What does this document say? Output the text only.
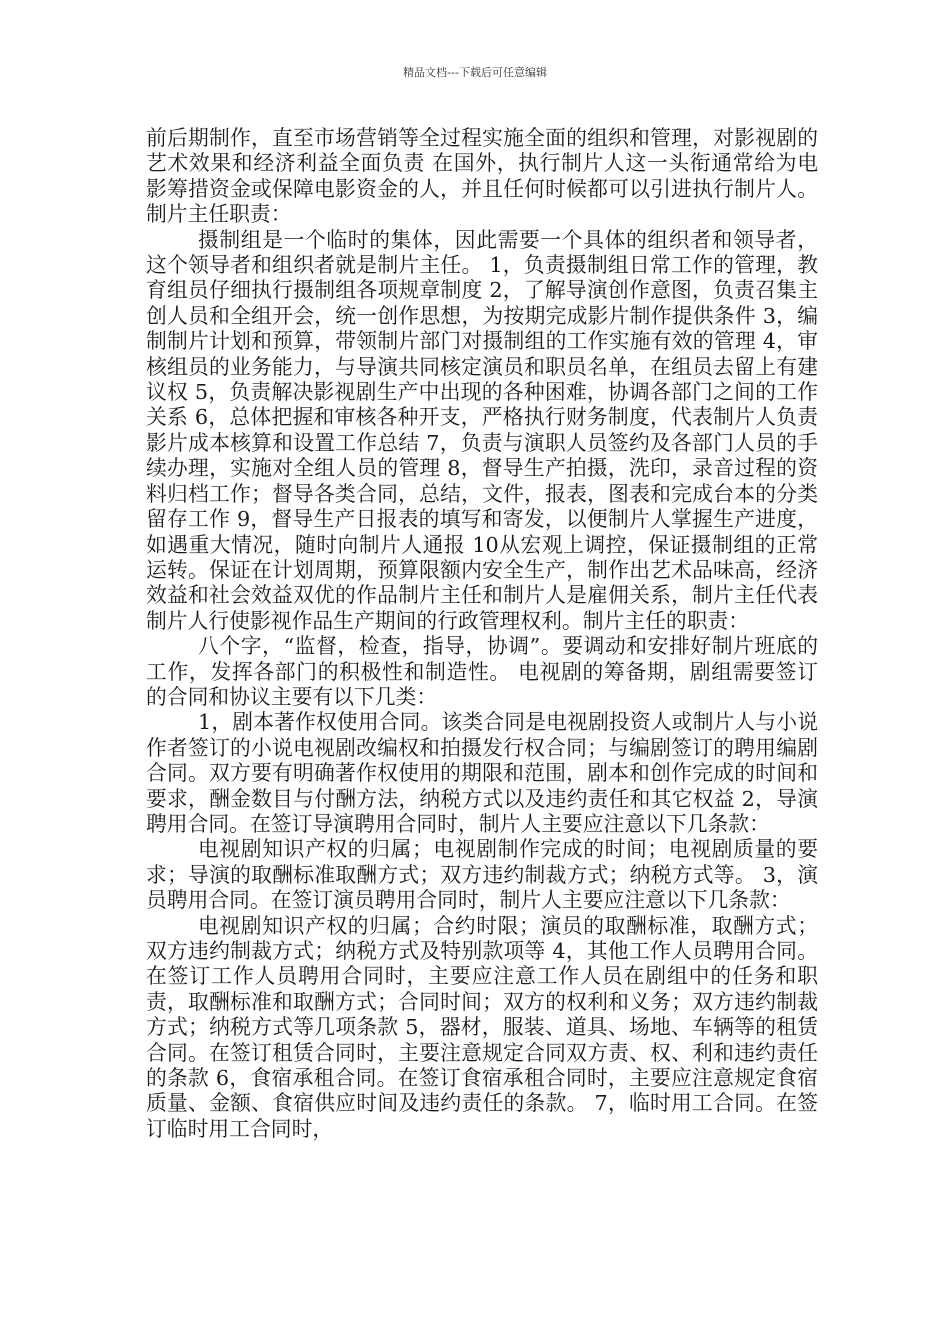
精品文档---下载后可任意编辑

前后期制作，直至市场营销等全过程实施全面的组织和管理，对影视剧的艺术效果和经济利益全面负责 在国外，执行制片人这一头衔通常给为电影筹措资金或保障电影资金的人，并且任何时候都可以引进执行制片人。 制片主任职责：

摄制组是一个临时的集体，因此需要一个具体的组织者和领导者，这个领导者和组织者就是制片主任。 1，负责摄制组日常工作的管理，教育组员仔细执行摄制组各项规章制度 2，了解导演创作意图，负责召集主创人员和全组开会，统一创作思想，为按期完成影片制作提供条件 3，编制制片计划和预算，带领制片部门对摄制组的工作实施有效的管理 4，审核组员的业务能力，与导演共同核定演员和职员名单，在组员去留上有建议权 5，负责解决影视剧生产中出现的各种困难，协调各部门之间的工作关系 6，总体把握和审核各种开支，严格执行财务制度，代表制片人负责影片成本核算和设置工作总结 7，负责与演职人员签约及各部门人员的手续办理，实施对全组人员的管理 8，督导生产拍摄，洗印，录音过程的资料归档工作；督导各类合同，总结，文件，报表，图表和完成台本的分类留存工作 9，督导生产日报表的填写和寄发，以便制片人掌握生产进度，如遇重大情况，随时向制片人通报 10从宏观上调控，保证摄制组的正常运转。保证在计划周期，预算限额内安全生产，制作出艺术品味高，经济效益和社会效益双优的作品制片主任和制片人是雇佣关系，制片主任代表制片人行使影视作品生产期间的行政管理权利。制片主任的职责：

八个字，“监督，检查，指导，协调”。要调动和安排好制片班底的工作，发挥各部门的积极性和制造性。 电视剧的筹备期，剧组需要签订的合同和协议主要有以下几类：

1，剧本著作权使用合同。该类合同是电视剧投资人或制片人与小说作者签订的小说电视剧改编权和拍摄发行权合同；与编剧签订的聘用编剧合同。双方要有明确著作权使用的期限和范围，剧本和创作完成的时间和要求，酬金数目与付酬方法，纳税方式以及违约责任和其它权益 2，导演聘用合同。在签订导演聘用合同时，制片人主要应注意以下几条款：

电视剧知识产权的归属；电视剧制作完成的时间；电视剧质量的要求；导演的取酬标准取酬方式；双方违约制裁方式；纳税方式等。 3，演员聘用合同。在签订演员聘用合同时，制片人主要应注意以下几条款：

电视剧知识产权的归属；合约时限；演员的取酬标准，取酬方式；双方违约制裁方式；纳税方式及特别款项等 4，其他工作人员聘用合同。在签订工作人员聘用合同时，主要应注意工作人员在剧组中的任务和职责，取酬标准和取酬方式；合同时间；双方的权利和义务；双方违约制裁方式；纳税方式等几项条款 5，器材，服装、道具、场地、车辆等的租赁合同。在签订租赁合同时，主要注意规定合同双方责、权、利和违约责任的条款 6，食宿承租合同。在签订食宿承租合同时，主要应注意规定食宿质量、金额、食宿供应时间及违约责任的条款。 7，临时用工合同。在签订临时用工合同时，
